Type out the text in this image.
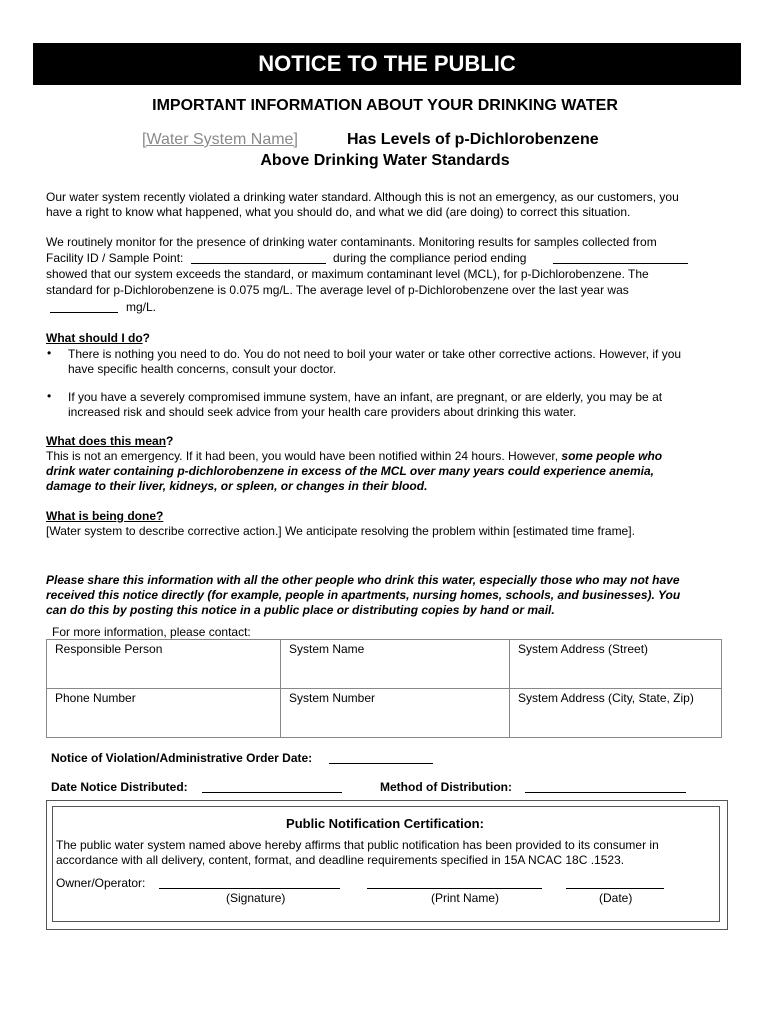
NOTICE TO THE PUBLIC
IMPORTANT INFORMATION ABOUT YOUR DRINKING WATER
[Water System Name]	Has Levels of p-Dichlorobenzene
Above Drinking Water Standards
Our water system recently violated a drinking water standard. Although this is not an emergency, as our customers, you
have a right to know what happened, what you should do, and what we did (are doing) to correct this situation.
We routinely monitor for the presence of drinking water contaminants. Monitoring results for samples collected from
Facility ID / Sample Point:	during the compliance period ending
showed that our system exceeds the standard, or maximum contaminant level (MCL), for p-Dichlorobenzene. The
standard for p-Dichlorobenzene is 0.075 mg/L. The average level of p-Dichlorobenzene over the last year was
mg/L.
What should I do?
• There is nothing you need to do. You do not need to boil your water or take other corrective actions. However, if you
have specific health concerns, consult your doctor.
• If you have a severely compromised immune system, have an infant, are pregnant, or are elderly, you may be at
increased risk and should seek advice from your health care providers about drinking this water.
What does this mean?
This is not an emergency. If it had been, you would have been notified within 24 hours. However, some people who
drink water containing p-dichlorobenzene in excess of the MCL over many years could experience anemia,
damage to their liver, kidneys, or spleen, or changes in their blood.
What is being done?
[Water system to describe corrective action.] We anticipate resolving the problem within [estimated time frame].
Please share this information with all the other people who drink this water, especially those who may not have
received this notice directly (for example, people in apartments, nursing homes, schools, and businesses). You
can do this by posting this notice in a public place or distributing copies by hand or mail.
For more information, please contact:
Responsible Person	System Name	System Address (Street)
Phone Number	System Number	System Address (City, State, Zip)
Notice of Violation/Administrative Order Date:
Date Notice Distributed:	Method of Distribution:
Public Notification Certification:
The public water system named above hereby affirms that public notification has been provided to its consumer in
accordance with all delivery, content, format, and deadline requirements specified in 15A NCAC 18C .1523.
Owner/Operator:
(Signature)	(Print Name)	(Date)
